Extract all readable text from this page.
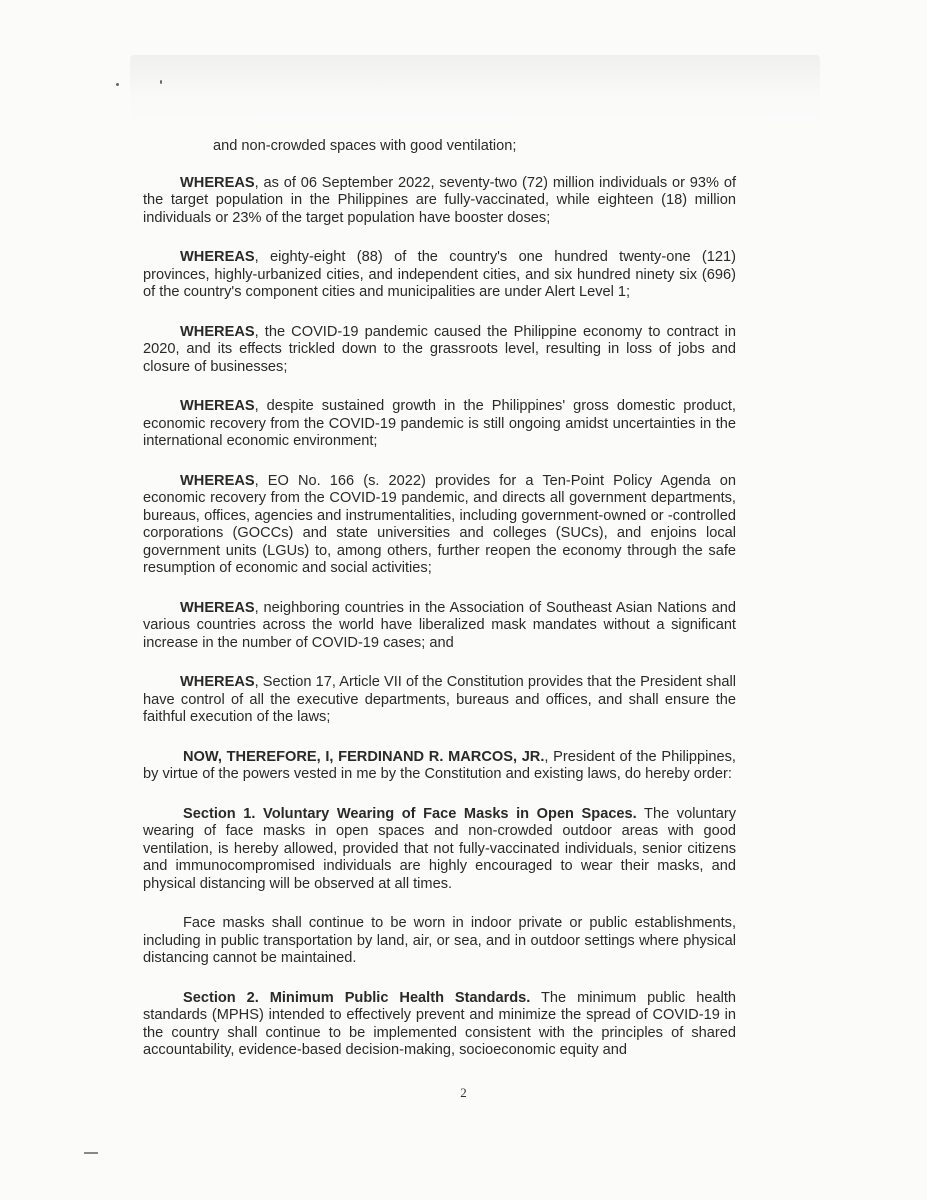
and non-crowded spaces with good ventilation;

WHEREAS, as of 06 September 2022, seventy-two (72) million individuals or 93% of the target population in the Philippines are fully-vaccinated, while eighteen (18) million individuals or 23% of the target population have booster doses;

WHEREAS, eighty-eight (88) of the country's one hundred twenty-one (121) provinces, highly-urbanized cities, and independent cities, and six hundred ninety six (696) of the country's component cities and municipalities are under Alert Level 1;

WHEREAS, the COVID-19 pandemic caused the Philippine economy to contract in 2020, and its effects trickled down to the grassroots level, resulting in loss of jobs and closure of businesses;

WHEREAS, despite sustained growth in the Philippines' gross domestic product, economic recovery from the COVID-19 pandemic is still ongoing amidst uncertainties in the international economic environment;

WHEREAS, EO No. 166 (s. 2022) provides for a Ten-Point Policy Agenda on economic recovery from the COVID-19 pandemic, and directs all government departments, bureaus, offices, agencies and instrumentalities, including government-owned or -controlled corporations (GOCCs) and state universities and colleges (SUCs), and enjoins local government units (LGUs) to, among others, further reopen the economy through the safe resumption of economic and social activities;

WHEREAS, neighboring countries in the Association of Southeast Asian Nations and various countries across the world have liberalized mask mandates without a significant increase in the number of COVID-19 cases; and

WHEREAS, Section 17, Article VII of the Constitution provides that the President shall have control of all the executive departments, bureaus and offices, and shall ensure the faithful execution of the laws;

NOW, THEREFORE, I, FERDINAND R. MARCOS, JR., President of the Philippines, by virtue of the powers vested in me by the Constitution and existing laws, do hereby order:

Section 1. Voluntary Wearing of Face Masks in Open Spaces. The voluntary wearing of face masks in open spaces and non-crowded outdoor areas with good ventilation, is hereby allowed, provided that not fully-vaccinated individuals, senior citizens and immunocompromised individuals are highly encouraged to wear their masks, and physical distancing will be observed at all times.

Face masks shall continue to be worn in indoor private or public establishments, including in public transportation by land, air, or sea, and in outdoor settings where physical distancing cannot be maintained.

Section 2. Minimum Public Health Standards. The minimum public health standards (MPHS) intended to effectively prevent and minimize the spread of COVID-19 in the country shall continue to be implemented consistent with the principles of shared accountability, evidence-based decision-making, socioeconomic equity and

2
